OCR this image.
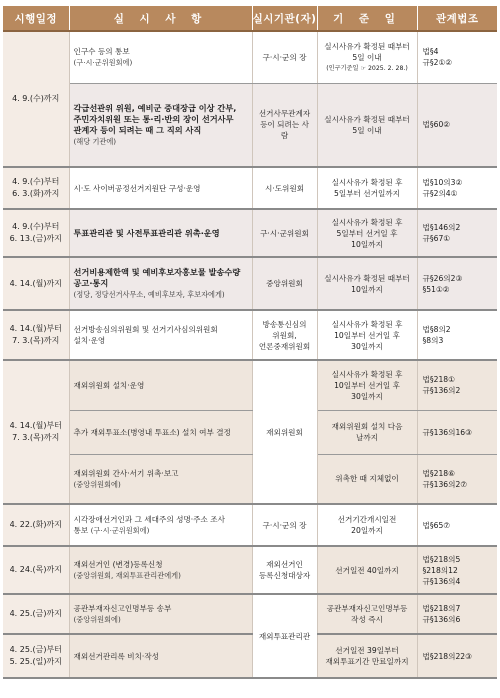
시행일정	실 시 사 항	실시기관(자)	기 준 일	관계법조

4. 9.(수)까지	인구수 등의 통보
(구·시·군위원회에)	구·시·군의 장	실시사유가 확정된 때부터
5일 이내
(인구기준일 ☞ 2025. 2. 28.)	법§4
규§2①②

	각급선관위 위원, 예비군 중대장급 이상 간부,
주민자치위원 또는 통·리·반의 장이 선거사무
관계자 등이 되려는 때 그 직의 사직
(해당 기관에)	선거사무관계자
등이 되려는 사람	실시사유가 확정된 때부터
5일 이내	법§60②

4. 9.(수)부터
6. 3.(화)까지	시·도 사이버공정선거지원단 구성·운영	시·도위원회	실시사유가 확정된 후
5일부터 선거일까지	법§10의3②
규§2의4①

4. 9.(수)부터
6. 13.(금)까지	투표관리관 및 사전투표관리관 위촉·운영	구·시·군위원회	실시사유가 확정된 후
5일부터 선거일 후
10일까지	법§146의2
규§67①

4. 14.(월)까지	선거비용제한액 및 예비후보자홍보물 발송수량
공고·통지
(정당, 정당선거사무소, 예비후보자, 후보자에게)	중앙위원회	실시사유가 확정된 때부터
10일까지	규§26의2③
§51①②

4. 14.(월)부터
7. 3.(목)까지	선거방송심의위원회 및 선거기사심의위원회
설치·운영	방송통신심의
위원회,
언론중재위원회	실시사유가 확정된 후
10일부터 선거일 후
30일까지	법§8의2
§8의3

4. 14.(월)부터
7. 3.(목)까지	재외위원회 설치·운영	재외위원회	실시사유가 확정된 후
10일부터 선거일 후
30일까지	법§218①
규§136의2

	추가 재외투표소(병영내 투표소) 설치 여부 결정		재외위원회 설치 다음
날까지	규§136의16③

	재외위원회 간사·서기 위촉·보고
(중앙위원회에)		위촉한 때 지체없이	법§218⑥
규§136의2⑦

4. 22.(화)까지	시각장애선거인과 그 세대주의 성명·주소 조사
통보 (구·시·군위원회에)	구·시·군의 장	선거기간개시일전
20일까지	법§65⑦

4. 24.(목)까지	재외선거인 (변경)등록신청
(중앙위원회, 재외투표관리관에게)	재외선거인
등록신청대상자	선거일전 40일까지	법§218의5
§218의12
규§136의4

4. 25.(금)까지	공관부재자신고인명부등 송부
(중앙위원회에)	재외투표관리관	공관부재자신고인명부등
작성 즉시	법§218의7
규§136의6

4. 25.(금)부터
5. 25.(일)까지	재외선거관리록 비치·작성		선거일전 39일부터
재외투표기간 만료일까지	법§218의22③
